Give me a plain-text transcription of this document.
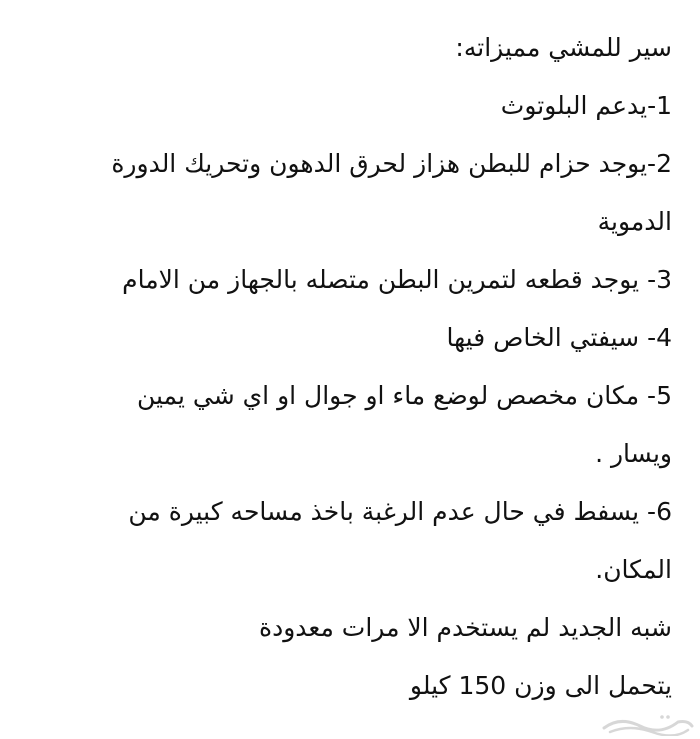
سير للمشي مميزاته:
1-يدعم البلوتوث
2-يوجد حزام للبطن هزاز لحرق الدهون وتحريك الدورة
الدموية
3- يوجد قطعه لتمرين البطن متصله بالجهاز من الامام
4- سيفتي الخاص فيها
5- مكان مخصص لوضع ماء او جوال او اي شي يمين
ويسار .
6- يسفط في حال عدم الرغبة باخذ مساحه كبيرة من
المكان.
شبه الجديد لم يستخدم الا مرات معدودة
يتحمل الى وزن 150 كيلو
